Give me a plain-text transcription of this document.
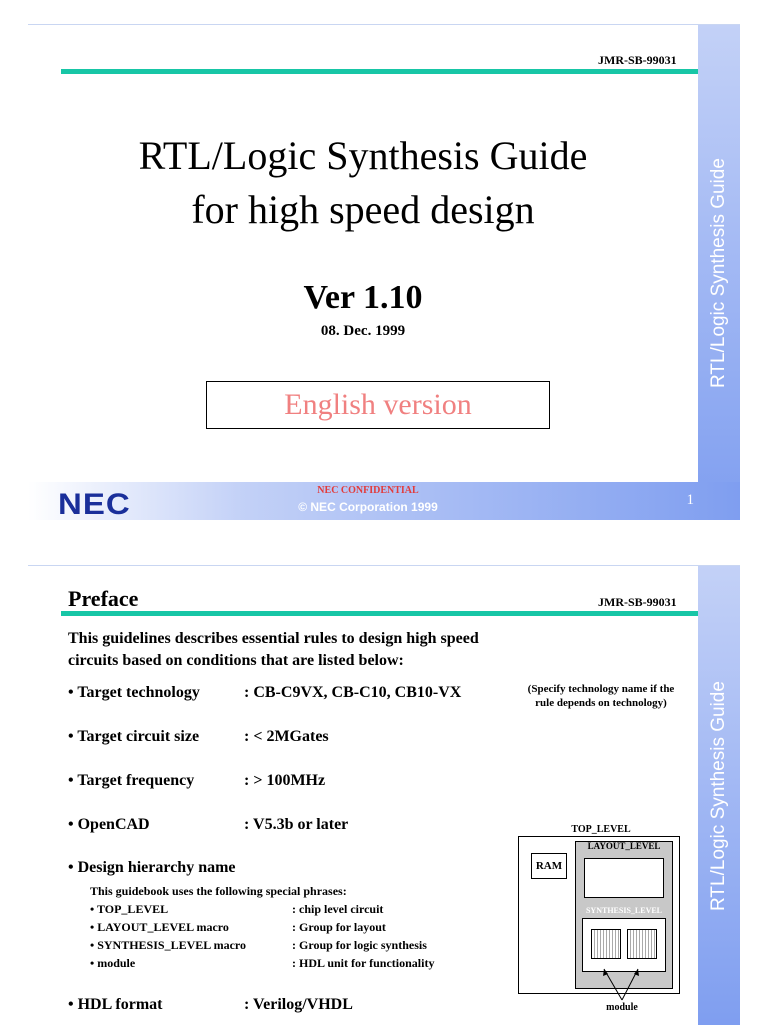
JMR-SB-99031
RTL/Logic Synthesis Guide
for high speed design
Ver 1.10
08. Dec. 1999
English version
RTL/Logic Synthesis Guide
NEC	NEC CONFIDENTIAL
© NEC Corporation 1999	1
Preface	JMR-SB-99031
This guidelines describes essential rules to design high speed
circuits based on conditions that are listed below:
• Target technology	: CB-C9VX, CB-C10, CB10-VX	(Specify technology name if the
rule depends on technology)
• Target circuit size	: < 2MGates
• Target frequency	: > 100MHz
• OpenCAD	: V5.3b or later
• Design hierarchy name
This guidebook uses the following special phrases:
• TOP_LEVEL	: chip level circuit
• LAYOUT_LEVEL macro	: Group for layout
• SYNTHESIS_LEVEL macro	: Group for logic synthesis
• module	: HDL unit for functionality
• HDL format	: Verilog/VHDL
TOP_LEVEL
RAM
LAYOUT_LEVEL
SYNTHESIS_LEVEL
module
RTL/Logic Synthesis Guide
